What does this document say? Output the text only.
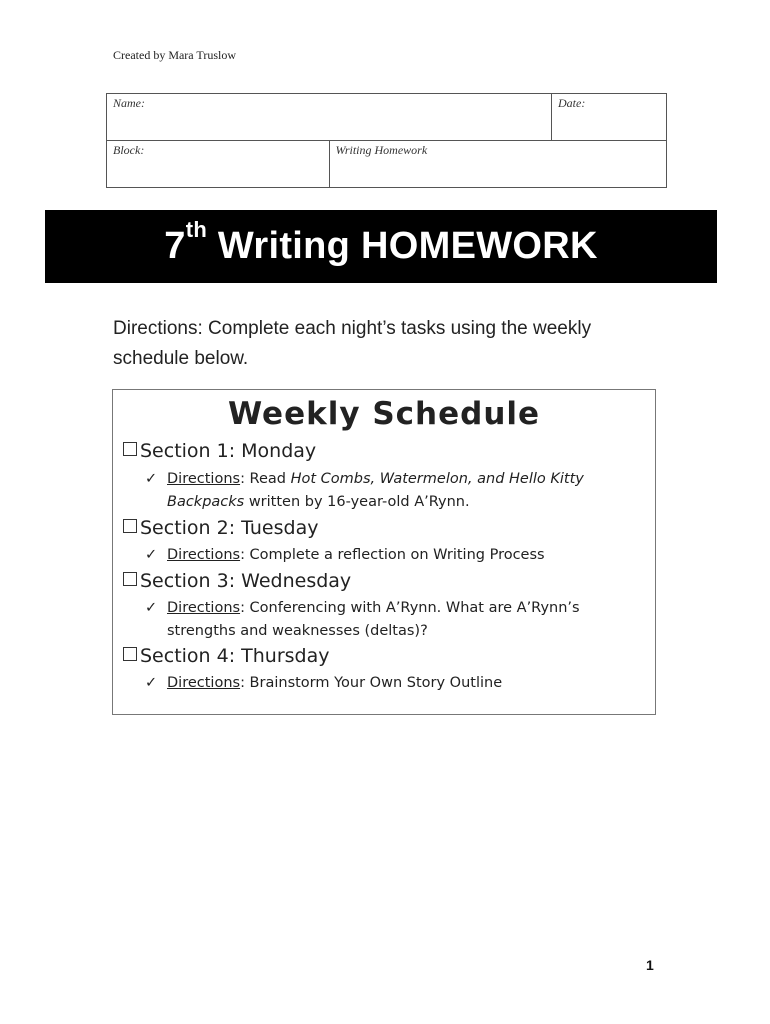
Created by Mara Truslow
Name:		Date:
Block:	Writing Homework	
7th Writing HOMEWORK
Directions: Complete each night’s tasks using the weekly schedule below.
Weekly Schedule
Section 1: Monday
✓ Directions: Read Hot Combs, Watermelon, and Hello Kitty Backpacks written by 16-year-old A’Rynn.
Section 2: Tuesday
✓ Directions: Complete a reflection on Writing Process
Section 3: Wednesday
✓ Directions: Conferencing with A’Rynn. What are A’Rynn’s strengths and weaknesses (deltas)?
Section 4: Thursday
✓ Directions: Brainstorm Your Own Story Outline
1
